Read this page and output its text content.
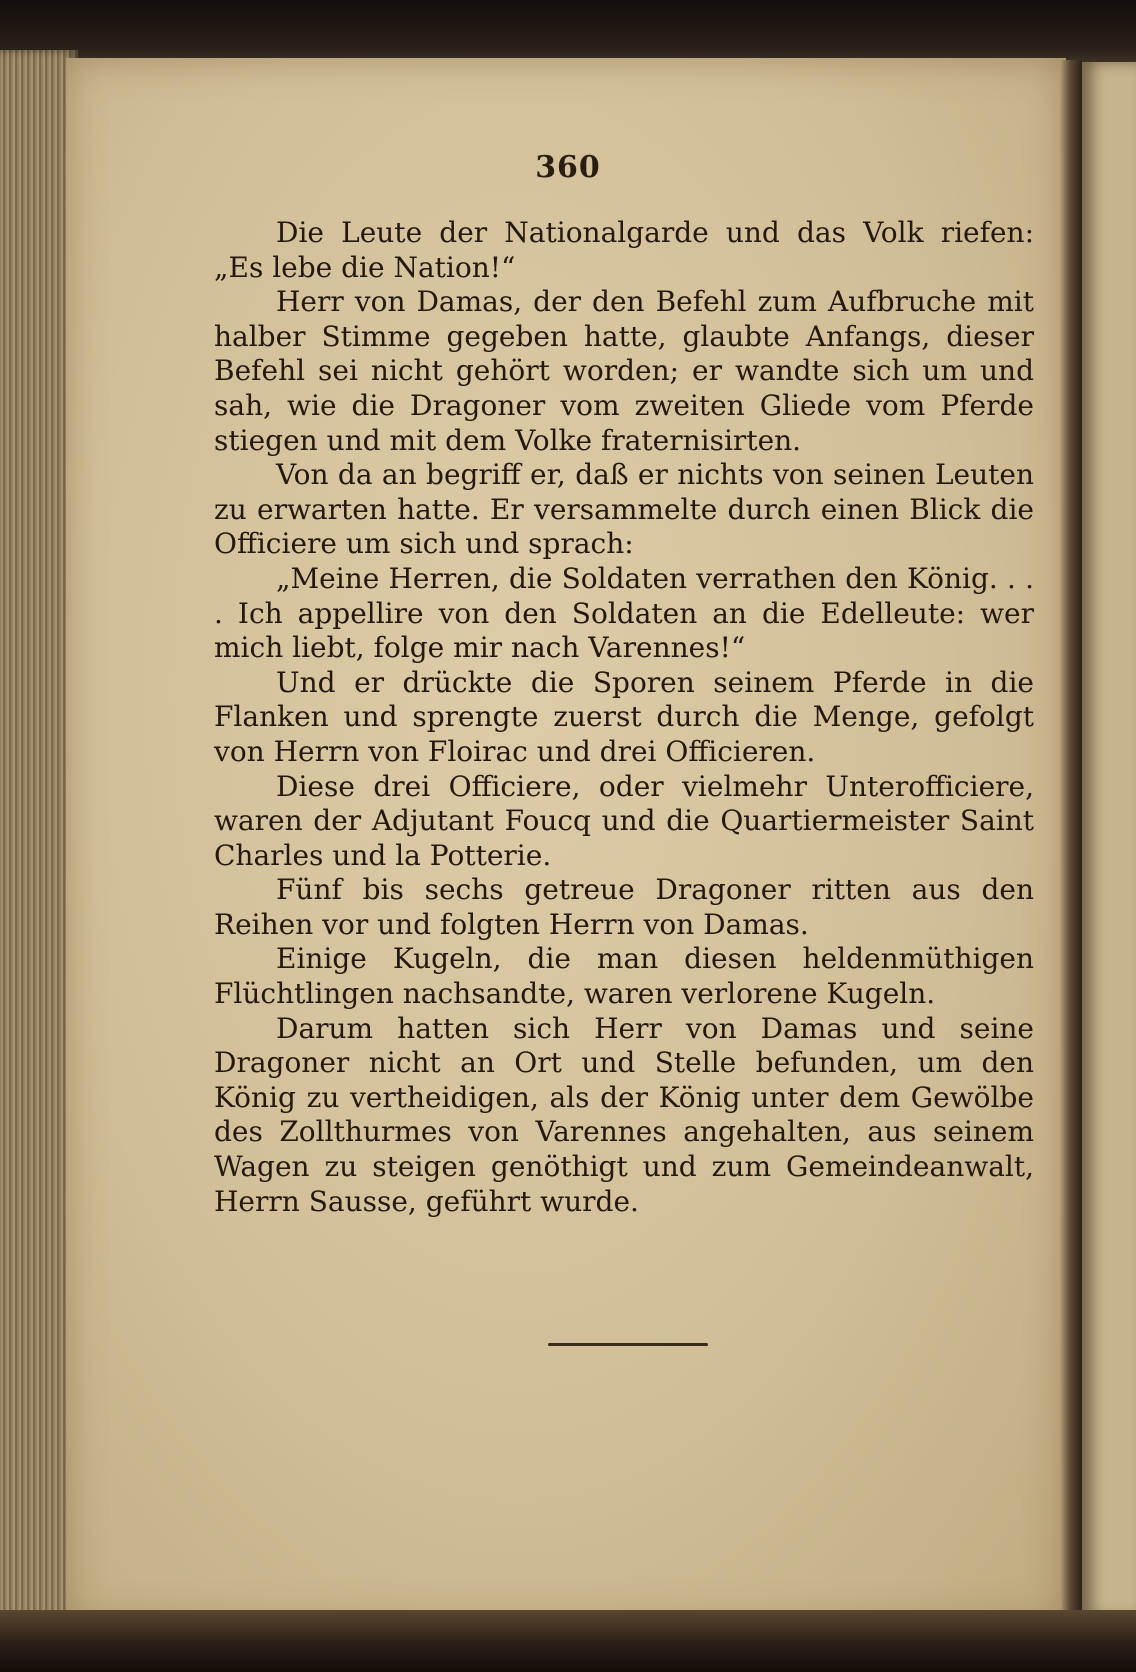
360

Die Leute der Nationalgarde und das Volk riefen: „Es lebe die Nation!“

Herr von Damas, der den Befehl zum Aufbruche mit halber Stimme gegeben hatte, glaubte Anfangs, dieser Befehl sei nicht gehört worden; er wandte sich um und sah, wie die Dragoner vom zweiten Gliede vom Pferde stiegen und mit dem Volke fraternisirten.

Von da an begriff er, daß er nichts von seinen Leuten zu erwarten hatte. Er versammelte durch einen Blick die Officiere um sich und sprach:

„Meine Herren, die Soldaten verrathen den König. . . . Ich appellire von den Soldaten an die Edelleute: wer mich liebt, folge mir nach Varennes!“

Und er drückte die Sporen seinem Pferde in die Flanken und sprengte zuerst durch die Menge, gefolgt von Herrn von Floirac und drei Officieren.

Diese drei Officiere, oder vielmehr Unterofficiere, waren der Adjutant Foucq und die Quartiermeister Saint Charles und la Potterie.

Fünf bis sechs getreue Dragoner ritten aus den Reihen vor und folgten Herrn von Damas.

Einige Kugeln, die man diesen heldenmüthigen Flüchtlingen nachsandte, waren verlorene Kugeln.

Darum hatten sich Herr von Damas und seine Dragoner nicht an Ort und Stelle befunden, um den König zu vertheidigen, als der König unter dem Gewölbe des Zollthurmes von Varennes angehalten, aus seinem Wagen zu steigen genöthigt und zum Gemeindeanwalt, Herrn Sausse, geführt wurde.
